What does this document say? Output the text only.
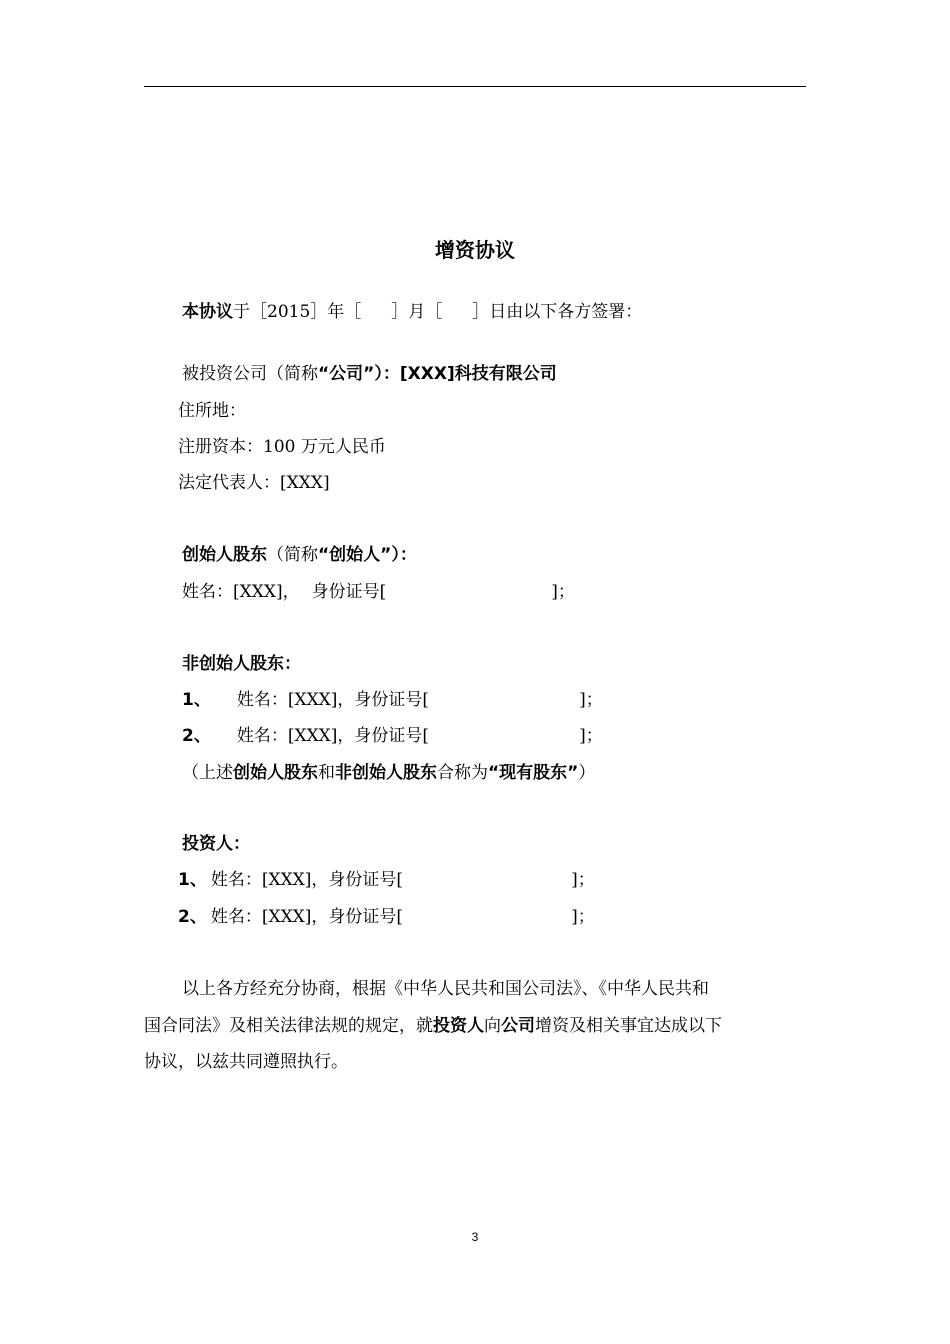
增资协议
本协议于［2015］年［ ］月［ ］日由以下各方签署：
被投资公司（简称“公司”）：[XXX]科技有限公司
住所地：
注册资本：100 万元人民币
法定代表人：[XXX]
创始人股东（简称“创始人”）：
姓名：[XXX]， 身份证号[	]；
非创始人股东：
1、 姓名：[XXX]，身份证号[	]；
2、 姓名：[XXX]，身份证号[	]；
（上述创始人股东和非创始人股东合称为“现有股东”）
投资人：
1、 姓名：[XXX]，身份证号[	]；
2、 姓名：[XXX]，身份证号[	]；
以上各方经充分协商，根据《中华人民共和国公司法》、《中华人民共和
国合同法》及相关法律法规的规定，就投资人向公司增资及相关事宜达成以下
协议，以兹共同遵照执行。
3
